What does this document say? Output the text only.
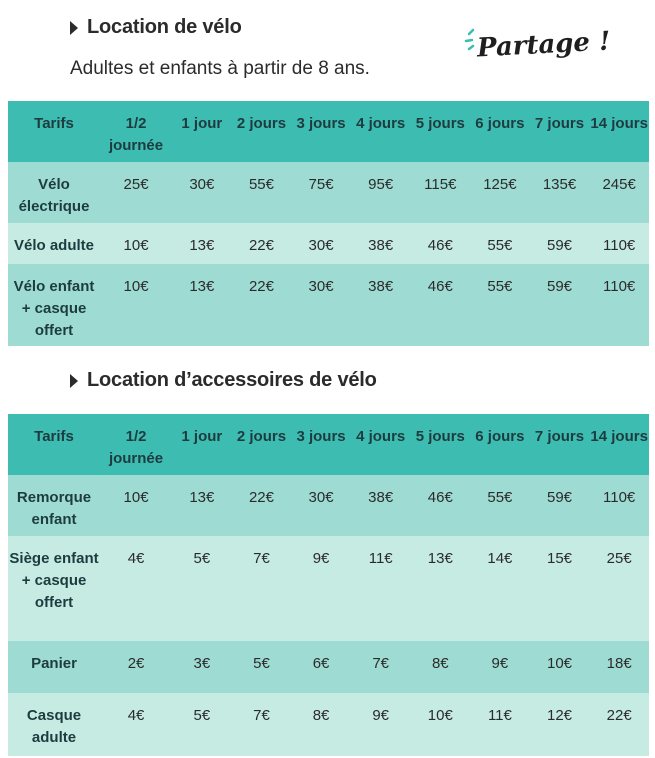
Location de vélo
Adultes et enfants à partir de 8 ans.
Partage !
Tarifs	1/2 journée	1 jour	2 jours	3 jours	4 jours	5 jours	6 jours	7 jours	14 jours
Vélo électrique	25€	30€	55€	75€	95€	115€	125€	135€	245€
Vélo adulte	10€	13€	22€	30€	38€	46€	55€	59€	110€
Vélo enfant + casque offert	10€	13€	22€	30€	38€	46€	55€	59€	110€
Location d’accessoires de vélo
Tarifs	1/2 journée	1 jour	2 jours	3 jours	4 jours	5 jours	6 jours	7 jours	14 jours
Remorque enfant	10€	13€	22€	30€	38€	46€	55€	59€	110€
Siège enfant + casque offert	4€	5€	7€	9€	11€	13€	14€	15€	25€
Panier	2€	3€	5€	6€	7€	8€	9€	10€	18€
Casque adulte	4€	5€	7€	8€	9€	10€	11€	12€	22€
